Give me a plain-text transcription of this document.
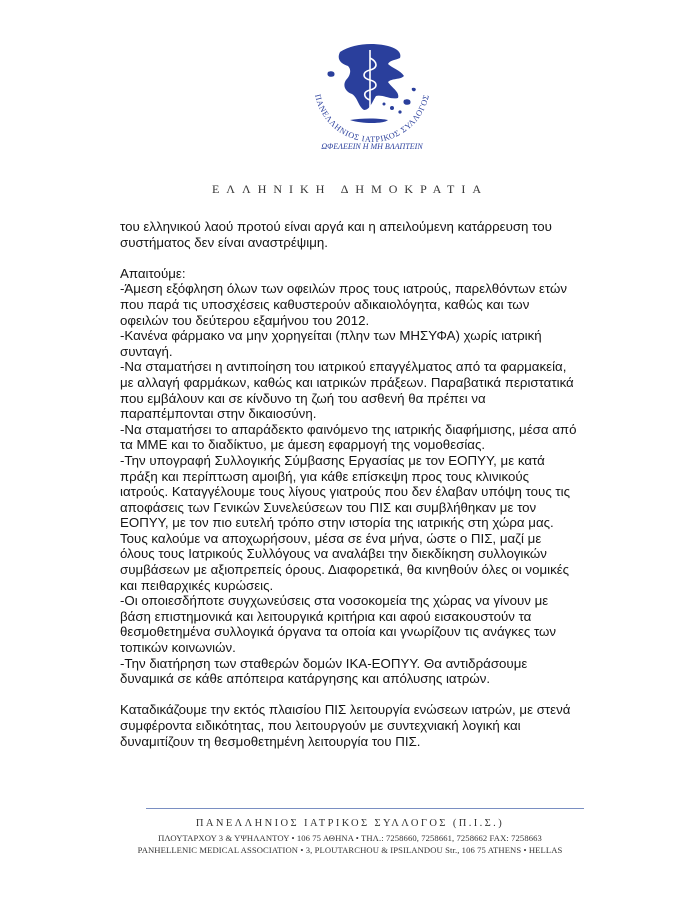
ΠΑΝΕΛΛΗΝΙΟΣ ΙΑΤΡΙΚΟΣ ΣΥΛΛΟΓΟΣ
ΩΦΕΛΕΕΙΝ Η ΜΗ ΒΛΑΠΤΕΙΝ
ΕΛΛΗΝΙΚΗ ΔΗΜΟΚΡΑΤΙΑ

του ελληνικού λαού προτού είναι αργά και η απειλούμενη κατάρρευση του

συστήματος δεν είναι αναστρέψιμη.

Απαιτούμε:

-Άμεση εξόφληση όλων των οφειλών προς τους ιατρούς, παρελθόντων ετών

που παρά τις υποσχέσεις καθυστερούν αδικαιολόγητα, καθώς και των

οφειλών του δεύτερου εξαμήνου του 2012.

-Κανένα φάρμακο να μην χορηγείται (πλην των ΜΗΣΥΦΑ) χωρίς ιατρική

συνταγή.

-Να σταματήσει η αντιποίηση του ιατρικού επαγγέλματος από τα φαρμακεία,

με αλλαγή φαρμάκων, καθώς και ιατρικών πράξεων. Παραβατικά περιστατικά

που εμβάλουν και σε κίνδυνο τη ζωή του ασθενή θα πρέπει να

παραπέμπονται στην δικαιοσύνη.

-Να σταματήσει το απαράδεκτο φαινόμενο της ιατρικής διαφήμισης, μέσα από

τα ΜΜΕ και το διαδίκτυο, με άμεση εφαρμογή της νομοθεσίας.

-Την υπογραφή Συλλογικής Σύμβασης Εργασίας με τον ΕΟΠΥΥ, με κατά

πράξη και περίπτωση αμοιβή, για κάθε επίσκεψη προς τους κλινικούς

ιατρούς. Καταγγέλουμε τους λίγους γιατρούς που δεν έλαβαν υπόψη τους τις

αποφάσεις των Γενικών Συνελεύσεων του ΠΙΣ και συμβλήθηκαν με τον

ΕΟΠΥΥ, με τον πιο ευτελή τρόπο στην ιστορία της ιατρικής στη χώρα μας.

Τους καλούμε να αποχωρήσουν, μέσα σε ένα μήνα, ώστε ο ΠΙΣ, μαζί με

όλους τους Ιατρικούς Συλλόγους να αναλάβει την διεκδίκηση συλλογικών

συμβάσεων με αξιοπρεπείς όρους. Διαφορετικά, θα κινηθούν όλες οι νομικές

και πειθαρχικές κυρώσεις.

-Οι οποιεσδήποτε συγχωνεύσεις στα νοσοκομεία της χώρας να γίνουν με

βάση επιστημονικά και λειτουργικά κριτήρια και αφού εισακουστούν τα

θεσμοθετημένα συλλογικά όργανα τα οποία και γνωρίζουν τις ανάγκες των

τοπικών κοινωνιών.

-Την διατήρηση των σταθερών δομών ΙΚΑ-ΕΟΠΥΥ. Θα αντιδράσουμε

δυναμικά σε κάθε απόπειρα κατάργησης και απόλυσης ιατρών.

Καταδικάζουμε την εκτός πλαισίου ΠΙΣ λειτουργία ενώσεων ιατρών, με στενά

συμφέροντα ειδικότητας, που λειτουργούν με συντεχνιακή λογική και

δυναμιτίζουν τη θεσμοθετημένη λειτουργία του ΠΙΣ.

ΠΑΝΕΛΛΗΝΙΟΣ ΙΑΤΡΙΚΟΣ ΣΥΛΛΟΓΟΣ (Π.Ι.Σ.)
ΠΛΟΥΤΑΡΧΟΥ 3 & ΥΨΗΛΑΝΤΟΥ • 106 75 ΑΘΗΝΑ • ΤΗΛ.: 7258660, 7258661, 7258662 FAX: 7258663
PANHELLENIC MEDICAL ASSOCIATION • 3, PLOUTARCHOU & IPSILANDOU Str., 106 75 ATHENS • HELLAS
